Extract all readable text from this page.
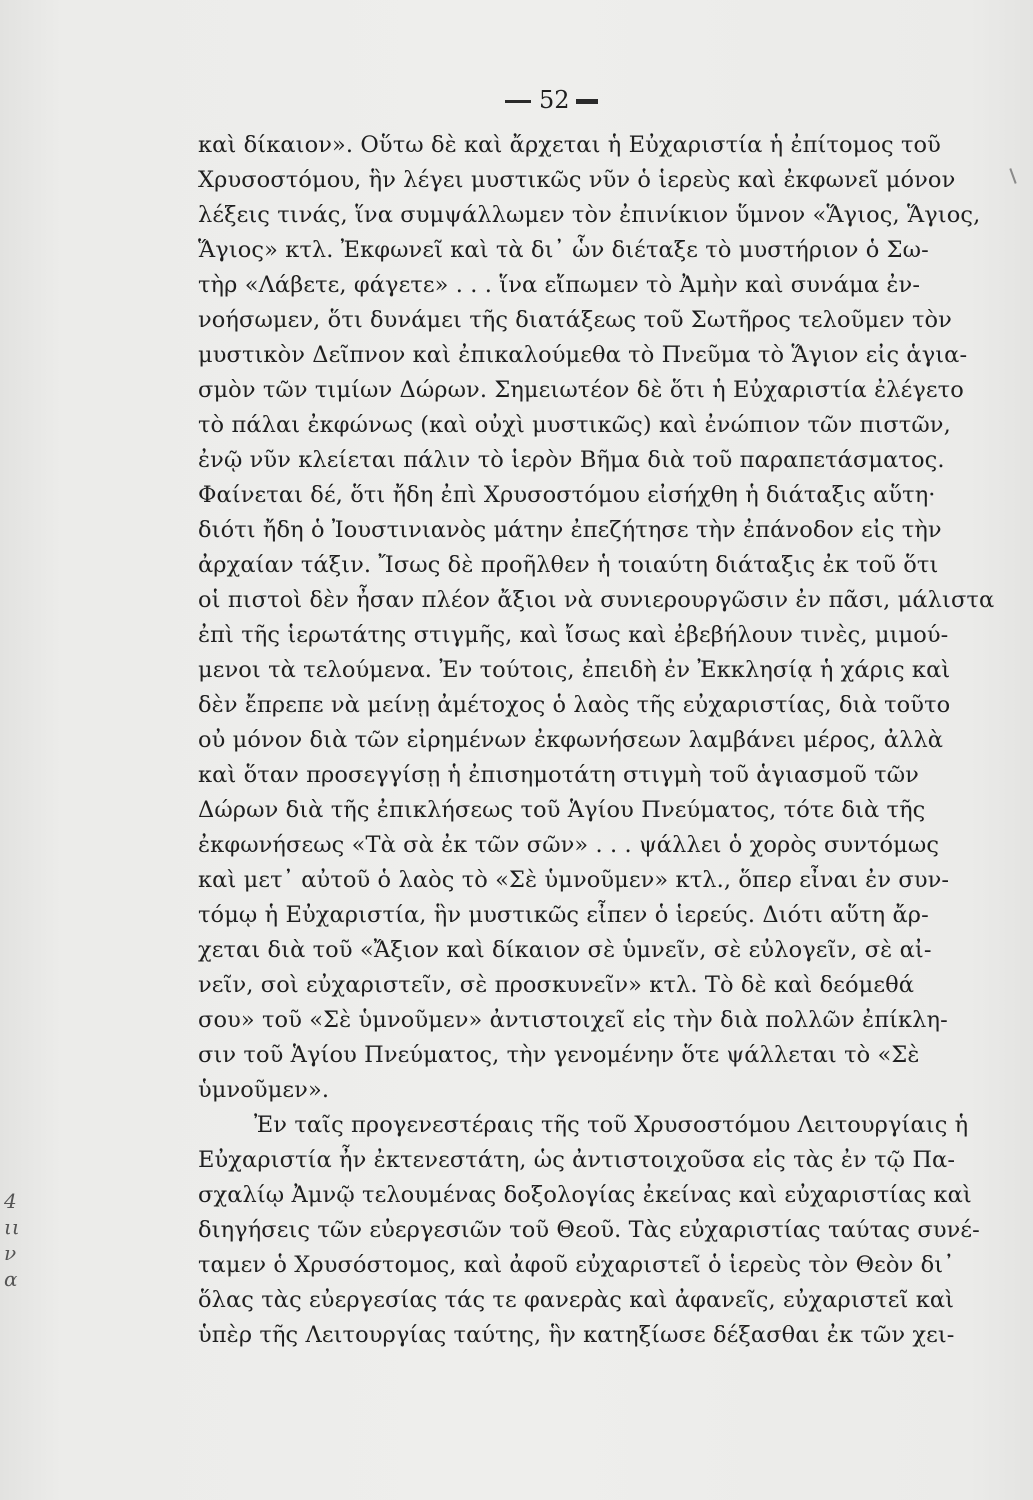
52
καὶ δίκαιον». Οὕτω δὲ καὶ ἄρχεται ἡ Εὐχαριστία ἡ ἐπίτομος τοῦ
Χρυσοστόμου, ἣν λέγει μυστικῶς νῦν ὁ ἱερεὺς καὶ ἐκφωνεῖ μόνον
λέξεις τινάς, ἵνα συμψάλλωμεν τὸν ἐπινίκιον ὕμνον «Ἅγιος, Ἅγιος,
Ἅγιος» κτλ. Ἐκφωνεῖ καὶ τὰ δι᾽ ὧν διέταξε τὸ μυστήριον ὁ Σω-
τὴρ «Λάβετε, φάγετε» . . . ἵνα εἴπωμεν τὸ Ἀμὴν καὶ συνάμα ἐν-
νοήσωμεν, ὅτι δυνάμει τῆς διατάξεως τοῦ Σωτῆρος τελοῦμεν τὸν
μυστικὸν Δεῖπνον καὶ ἐπικαλούμεθα τὸ Πνεῦμα τὸ Ἅγιον εἰς ἁγια-
σμὸν τῶν τιμίων Δώρων. Σημειωτέον δὲ ὅτι ἡ Εὐχαριστία ἐλέγετο
τὸ πάλαι ἐκφώνως (καὶ οὐχὶ μυστικῶς) καὶ ἐνώπιον τῶν πιστῶν,
ἐνῷ νῦν κλείεται πάλιν τὸ ἱερὸν Βῆμα διὰ τοῦ παραπετάσματος.
Φαίνεται δέ, ὅτι ἤδη ἐπὶ Χρυσοστόμου εἰσήχθη ἡ διάταξις αὕτη·
διότι ἤδη ὁ Ἰουστινιανὸς μάτην ἐπεζήτησε τὴν ἐπάνοδον εἰς τὴν
ἀρχαίαν τάξιν. Ἴσως δὲ προῆλθεν ἡ τοιαύτη διάταξις ἐκ τοῦ ὅτι
οἱ πιστοὶ δὲν ἦσαν πλέον ἄξιοι νὰ συνιερουργῶσιν ἐν πᾶσι, μάλιστα
ἐπὶ τῆς ἱερωτάτης στιγμῆς, καὶ ἴσως καὶ ἐβεβήλουν τινὲς, μιμού-
μενοι τὰ τελούμενα. Ἐν τούτοις, ἐπειδὴ ἐν Ἐκκλησίᾳ ἡ χάρις καὶ
δὲν ἔπρεπε νὰ μείνῃ ἀμέτοχος ὁ λαὸς τῆς εὐχαριστίας, διὰ τοῦτο
οὐ μόνον διὰ τῶν εἰρημένων ἐκφωνήσεων λαμβάνει μέρος, ἀλλὰ
καὶ ὅταν προσεγγίσῃ ἡ ἐπισημοτάτη στιγμὴ τοῦ ἁγιασμοῦ τῶν
Δώρων διὰ τῆς ἐπικλήσεως τοῦ Ἁγίου Πνεύματος, τότε διὰ τῆς
ἐκφωνήσεως «Τὰ σὰ ἐκ τῶν σῶν» . . . ψάλλει ὁ χορὸς συντόμως
καὶ μετ᾽ αὐτοῦ ὁ λαὸς τὸ «Σὲ ὑμνοῦμεν» κτλ., ὅπερ εἶναι ἐν συν-
τόμῳ ἡ Εὐχαριστία, ἣν μυστικῶς εἶπεν ὁ ἱερεύς. Διότι αὕτη ἄρ-
χεται διὰ τοῦ «Ἄξιον καὶ δίκαιον σὲ ὑμνεῖν, σὲ εὐλογεῖν, σὲ αἰ-
νεῖν, σοὶ εὐχαριστεῖν, σὲ προσκυνεῖν» κτλ. Τὸ δὲ καὶ δεόμεθά
σου» τοῦ «Σὲ ὑμνοῦμεν» ἀντιστοιχεῖ εἰς τὴν διὰ πολλῶν ἐπίκλη-
σιν τοῦ Ἁγίου Πνεύματος, τὴν γενομένην ὅτε ψάλλεται τὸ «Σὲ
ὑμνοῦμεν».
Ἐν ταῖς προγενεστέραις τῆς τοῦ Χρυσοστόμου Λειτουργίαις ἡ
Εὐχαριστία ἦν ἐκτενεστάτη, ὡς ἀντιστοιχοῦσα εἰς τὰς ἐν τῷ Πα-
σχαλίῳ Ἀμνῷ τελουμένας δοξολογίας ἐκείνας καὶ εὐχαριστίας καὶ
διηγήσεις τῶν εὐεργεσιῶν τοῦ Θεοῦ. Τὰς εὐχαριστίας ταύτας συνέ-
ταμεν ὁ Χρυσόστομος, καὶ ἀφοῦ εὐχαριστεῖ ὁ ἱερεὺς τὸν Θεὸν δι᾽
ὅλας τὰς εὐεργεσίας τάς τε φανερὰς καὶ ἀφανεῖς, εὐχαριστεῖ καὶ
ὑπὲρ τῆς Λειτουργίας ταύτης, ἣν κατηξίωσε δέξασθαι ἐκ τῶν χει-
4
ιι
ν
α
